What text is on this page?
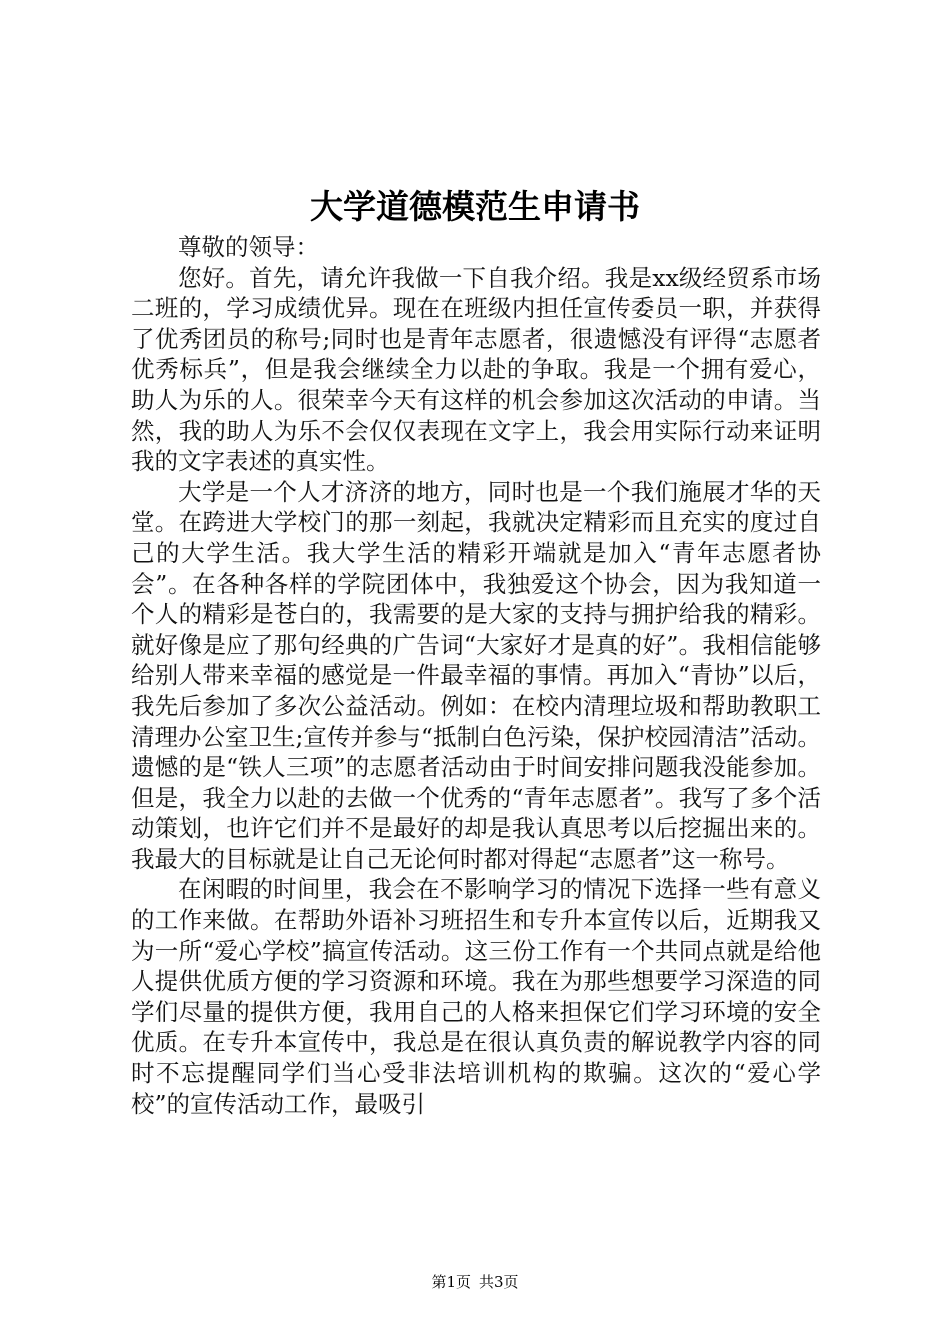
大学道德模范生申请书

尊敬的领导：

您好。首先，请允许我做一下自我介绍。我是xx级经贸系市场二班的，学习成绩优异。现在在班级内担任宣传委员一职，并获得了优秀团员的称号;同时也是青年志愿者，很遗憾没有评得“志愿者优秀标兵”，但是我会继续全力以赴的争取。我是一个拥有爱心，助人为乐的人。很荣幸今天有这样的机会参加这次活动的申请。当然，我的助人为乐不会仅仅表现在文字上，我会用实际行动来证明我的文字表述的真实性。

大学是一个人才济济的地方，同时也是一个我们施展才华的天堂。在跨进大学校门的那一刻起，我就决定精彩而且充实的度过自己的大学生活。我大学生活的精彩开端就是加入“青年志愿者协会”。在各种各样的学院团体中，我独爱这个协会，因为我知道一个人的精彩是苍白的，我需要的是大家的支持与拥护给我的精彩。就好像是应了那句经典的广告词“大家好才是真的好”。我相信能够给别人带来幸福的感觉是一件最幸福的事情。再加入“青协”以后，我先后参加了多次公益活动。例如：在校内清理垃圾和帮助教职工清理办公室卫生;宣传并参与“抵制白色污染，保护校园清洁”活动。遗憾的是“铁人三项”的志愿者活动由于时间安排问题我没能参加。但是，我全力以赴的去做一个优秀的“青年志愿者”。我写了多个活动策划，也许它们并不是最好的却是我认真思考以后挖掘出来的。我最大的目标就是让自己无论何时都对得起“志愿者”这一称号。

在闲暇的时间里，我会在不影响学习的情况下选择一些有意义的工作来做。在帮助外语补习班招生和专升本宣传以后，近期我又为一所“爱心学校”搞宣传活动。这三份工作有一个共同点就是给他人提供优质方便的学习资源和环境。我在为那些想要学习深造的同学们尽量的提供方便，我用自己的人格来担保它们学习环境的安全优质。在专升本宣传中，我总是在很认真负责的解说教学内容的同时不忘提醒同学们当心受非法培训机构的欺骗。这次的“爱心学校”的宣传活动工作，最吸引

第1页 共3页
